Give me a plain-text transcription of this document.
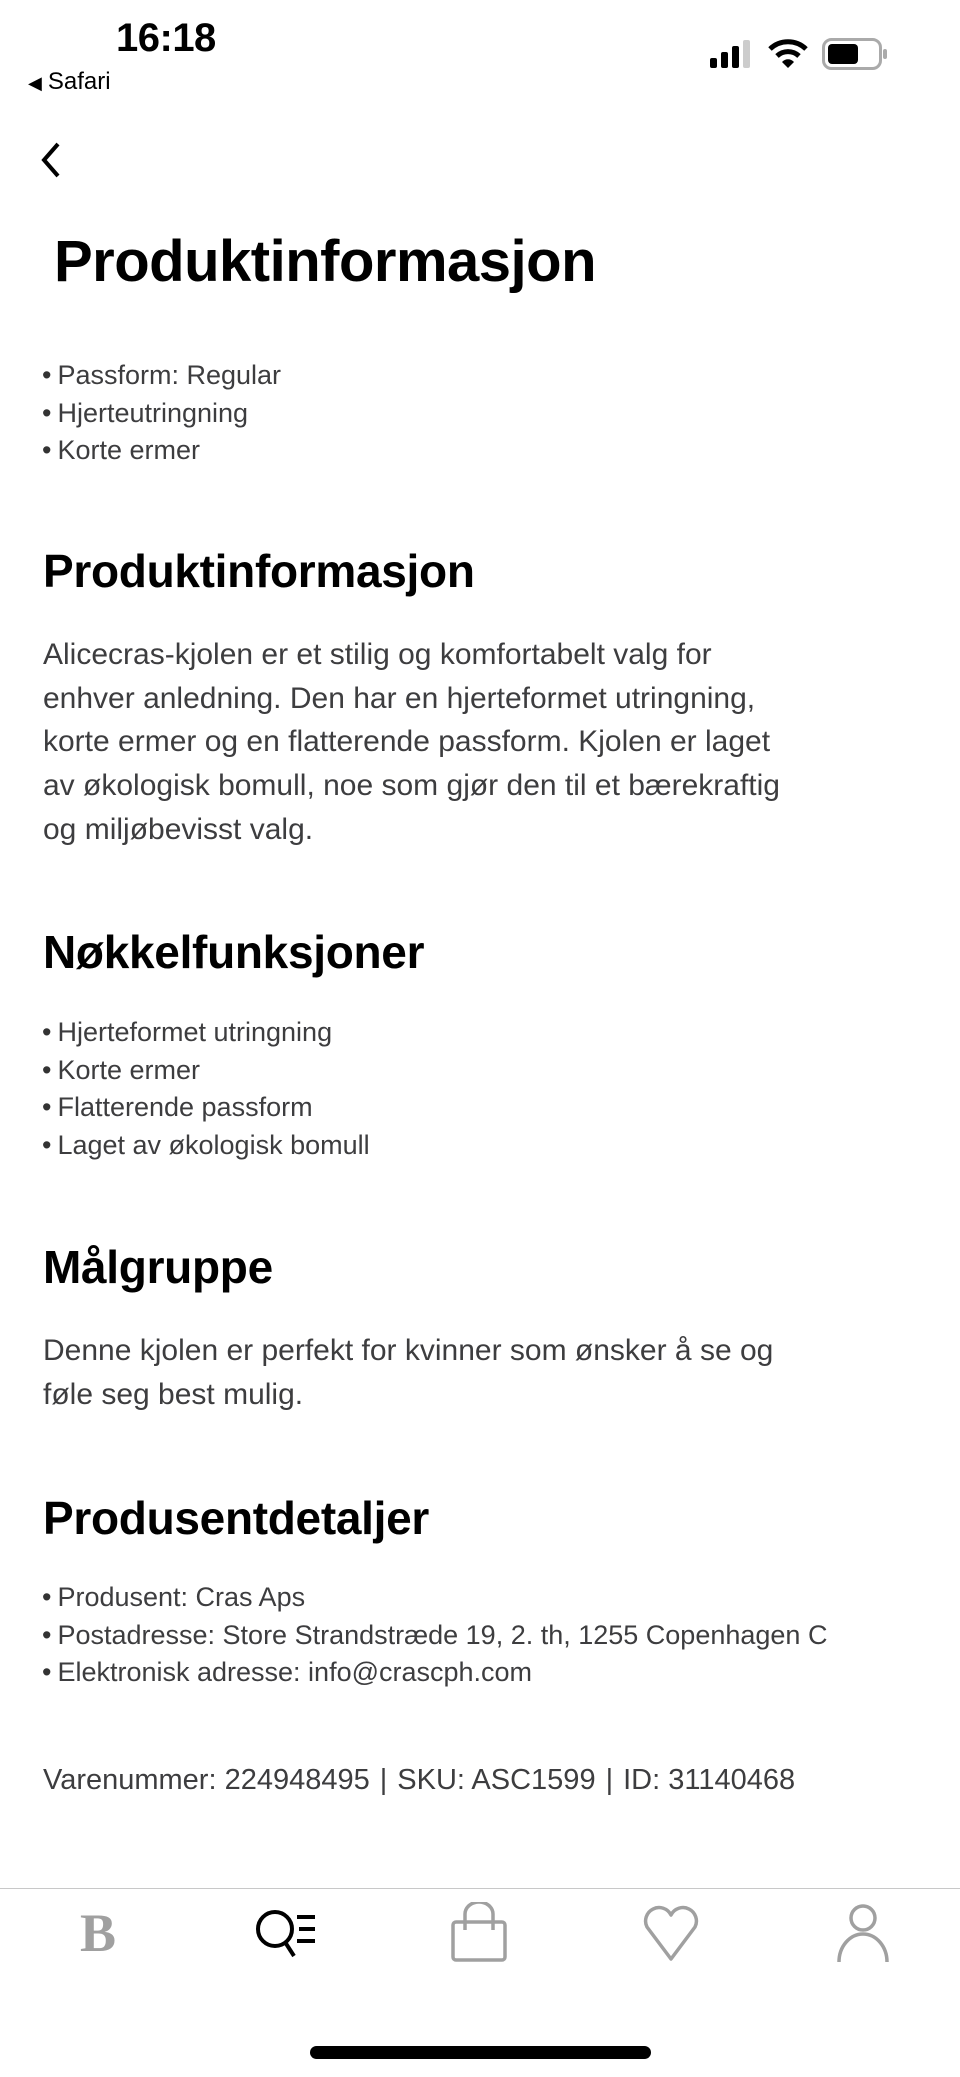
16:18
◀ Safari
Produktinformasjon
• Passform: Regular
• Hjerteutringning
• Korte ermer
Produktinformasjon

Alicecras-kjolen er et stilig og komfortabelt valg for
enhver anledning. Den har en hjerteformet utringning,
korte ermer og en flatterende passform. Kjolen er laget
av økologisk bomull, noe som gjør den til et bærekraftig
og miljøbevisst valg.

Nøkkelfunksjoner
• Hjerteformet utringning
• Korte ermer
• Flatterende passform
• Laget av økologisk bomull
Målgruppe

Denne kjolen er perfekt for kvinner som ønsker å se og
føle seg best mulig.

Produsentdetaljer
• Produsent: Cras Aps
• Postadresse: Store Strandstræde 19, 2. th, 1255 Copenhagen C
• Elektronisk adresse: info@crascph.com
Varenummer: 224948495 | SKU: ASC1599 | ID: 31140468
B
